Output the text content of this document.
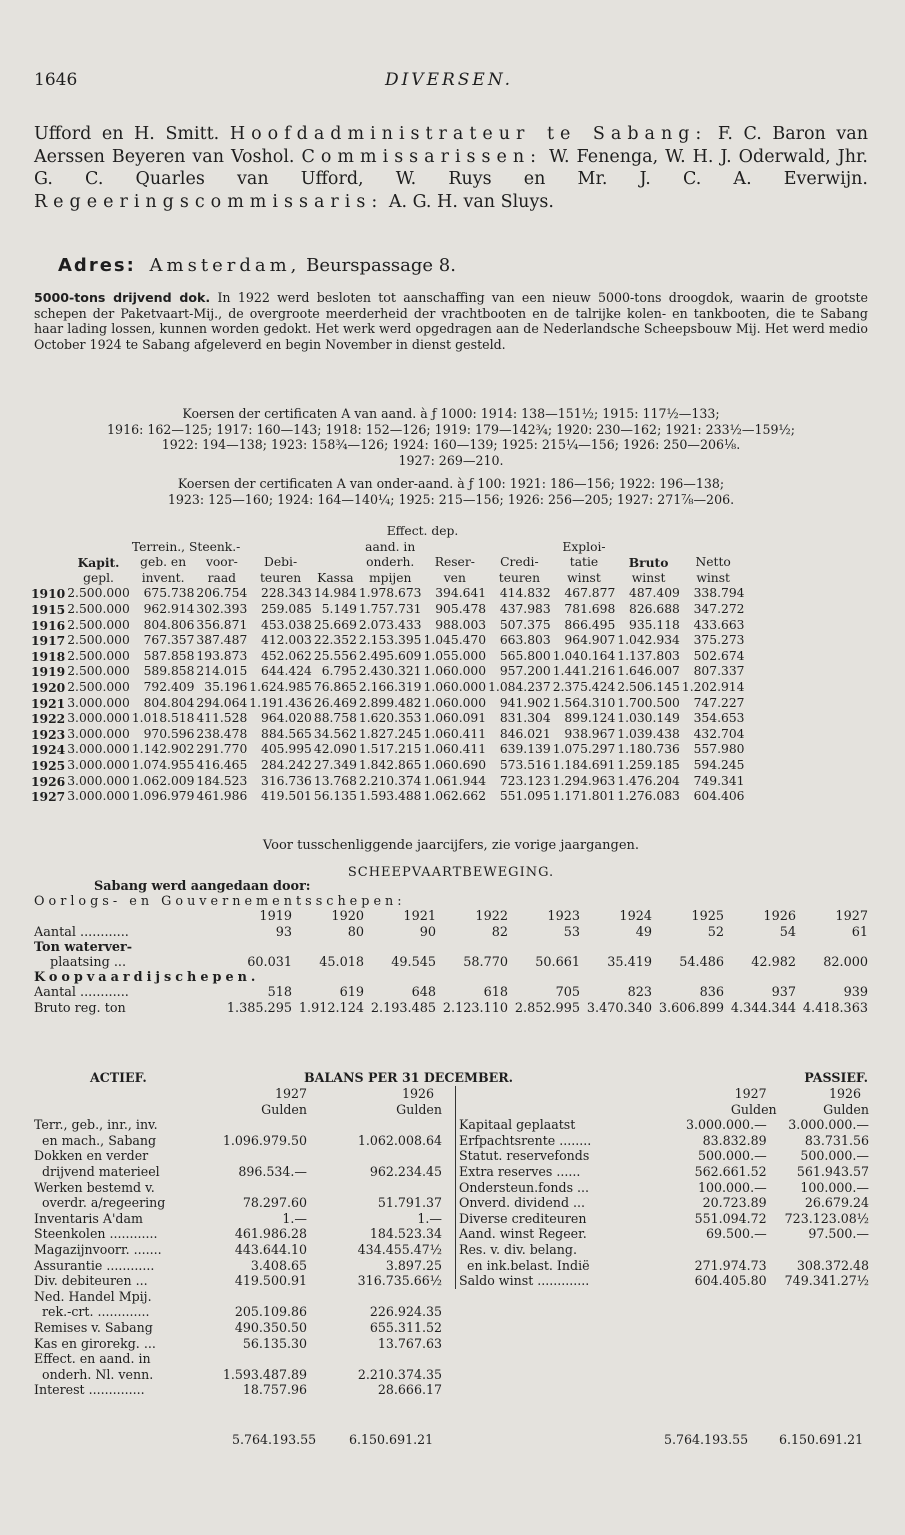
1646	DIVERSEN.
Ufford en H. Smitt. Hoofdadministrateur te Sabang: F. C. Baron van Aerssen Beyeren van Voshol. Commissarissen: W. Fenenga, W. H. J. Oderwald, Jhr. G. C. Quarles van Ufford, W. Ruys en Mr. J. C. A. Everwijn. Regeeringscommissaris: A. G. H. van Sluys.
Adres: Amsterdam, Beurspassage 8.
5000-tons drijvend dok. In 1922 werd besloten tot aanschaffing van een nieuw 5000-tons droogdok, waarin de grootste schepen der Paketvaart-Mij., de overgroote meerderheid der vrachtbooten en de talrijke kolen- en tankbooten, die te Sabang haar lading lossen, kunnen worden gedokt. Het werk werd opgedragen aan de Nederlandsche Scheepsbouw Mij. Het werd medio October 1924 te Sabang afgeleverd en begin November in dienst gesteld.
Koersen der certificaten A van aand. à ƒ 1000: 1914: 138—151½; 1915: 117½—133;
1916: 162—125; 1917: 160—143; 1918: 152—126; 1919: 179—142¾; 1920: 230—162; 1921: 233½—159½;
1922: 194—138; 1923: 158¾—126; 1924: 160—139; 1925: 215¼—156; 1926: 250—206⅛.
1927: 269—210.
Koersen der certificaten A van onder-aand. à ƒ 100: 1921: 186—156; 1922: 196—138;
1923: 125—160; 1924: 164—140¼; 1925: 215—156; 1926: 256—205; 1927: 271⅞—206.
						Effect. dep.					
		Terrein., Steenk.-				aand. in			Exploi-		
	Kapit.	geb. en	voor-	Debi-		onderh.	Reser-	Credi-	tatie	Bruto	Netto
	gepl.	invent.	raad	teuren	Kassa	mpijen	ven	teuren	winst	winst	winst
1910	2.500.000	675.738	206.754	228.343	14.984	1.978.673	394.641	414.832	467.877	487.409	338.794
1915	2.500.000	962.914	302.393	259.085	5.149	1.757.731	905.478	437.983	781.698	826.688	347.272
1916	2.500.000	804.806	356.871	453.038	25.669	2.073.433	988.003	507.375	866.495	935.118	433.663
1917	2.500.000	767.357	387.487	412.003	22.352	2.153.395	1.045.470	663.803	964.907	1.042.934	375.273
1918	2.500.000	587.858	193.873	452.062	25.556	2.495.609	1.055.000	565.800	1.040.164	1.137.803	502.674
1919	2.500.000	589.858	214.015	644.424	6.795	2.430.321	1.060.000	957.200	1.441.216	1.646.007	807.337
1920	2.500.000	792.409	35.196	1.624.985	76.865	2.166.319	1.060.000	1.084.237	2.375.424	2.506.145	1.202.914
1921	3.000.000	804.804	294.064	1.191.436	26.469	2.899.482	1.060.000	941.902	1.564.310	1.700.500	747.227
1922	3.000.000	1.018.518	411.528	964.020	88.758	1.620.353	1.060.091	831.304	899.124	1.030.149	354.653
1923	3.000.000	970.596	238.478	884.565	34.562	1.827.245	1.060.411	846.021	938.967	1.039.438	432.704
1924	3.000.000	1.142.902	291.770	405.995	42.090	1.517.215	1.060.411	639.139	1.075.297	1.180.736	557.980
1925	3.000.000	1.074.955	416.465	284.242	27.349	1.842.865	1.060.690	573.516	1.184.691	1.259.185	594.245
1926	3.000.000	1.062.009	184.523	316.736	13.768	2.210.374	1.061.944	723.123	1.294.963	1.476.204	749.341
1927	3.000.000	1.096.979	461.986	419.501	56.135	1.593.488	1.062.662	551.095	1.171.801	1.276.083	604.406
Voor tusschenliggende jaarcijfers, zie vorige jaargangen.
SCHEEPVAARTBEWEGING.
Sabang werd aangedaan door:
Oorlogs- en Gouvernementsschepen:
	1919	1920	1921	1922	1923	1924	1925	1926	1927
Aantal ............	93	80	90	82	53	49	52	54	61
Ton waterver-									
plaatsing ...	60.031	45.018	49.545	58.770	50.661	35.419	54.486	42.982	82.000
Koopvaardijschepen.									
Aantal ............	518	619	648	618	705	823	836	937	939
Bruto reg. ton	1.385.295	1.912.124	2.193.485	2.123.110	2.852.995	3.470.340	3.606.899	4.344.344	4.418.363
ACTIEF.	BALANS PER 31 DECEMBER.	PASSIEF.
	1927	1926
	Gulden	Gulden
Terr., geb., inr., inv.		
en mach., Sabang	1.096.979.50	1.062.008.64
Dokken en verder		
drijvend materieel	896.534.—	962.234.45
Werken bestemd v.		
overdr. a/regeering	78.297.60	51.791.37
Inventaris A'dam	1.—	1.—
Steenkolen ............	461.986.28	184.523.34
Magazijnvoorr. .......	443.644.10	434.455.47½
Assurantie ............	3.408.65	3.897.25
Div. debiteuren ...	419.500.91	316.735.66½
Ned. Handel Mpij.		
rek.-crt. .............	205.109.86	226.924.35
Remises v. Sabang	490.350.50	655.311.52
Kas en girorekg. ...	56.135.30	13.767.63
Effect. en aand. in		
onderh. Nl. venn.	1.593.487.89	2.210.374.35
Interest ..............	18.757.96	28.666.17
	1927	1926
	Gulden	Gulden
Kapitaal geplaatst	3.000.000.—	3.000.000.—
Erfpachtsrente ........	83.832.89	83.731.56
Statut. reservefonds	500.000.—	500.000.—
Extra reserves ......	562.661.52	561.943.57
Ondersteun.fonds ...	100.000.—	100.000.—
Onverd. dividend ...	20.723.89	26.679.24
Diverse crediteuren	551.094.72	723.123.08½
Aand. winst Regeer.	69.500.—	97.500.—
Res. v. div. belang.		
en ink.belast. Indië	271.974.73	308.372.48
Saldo winst .............	604.405.80	749.341.27½
5.764.193.55	6.150.691.21	5.764.193.55 6.150.691.21
